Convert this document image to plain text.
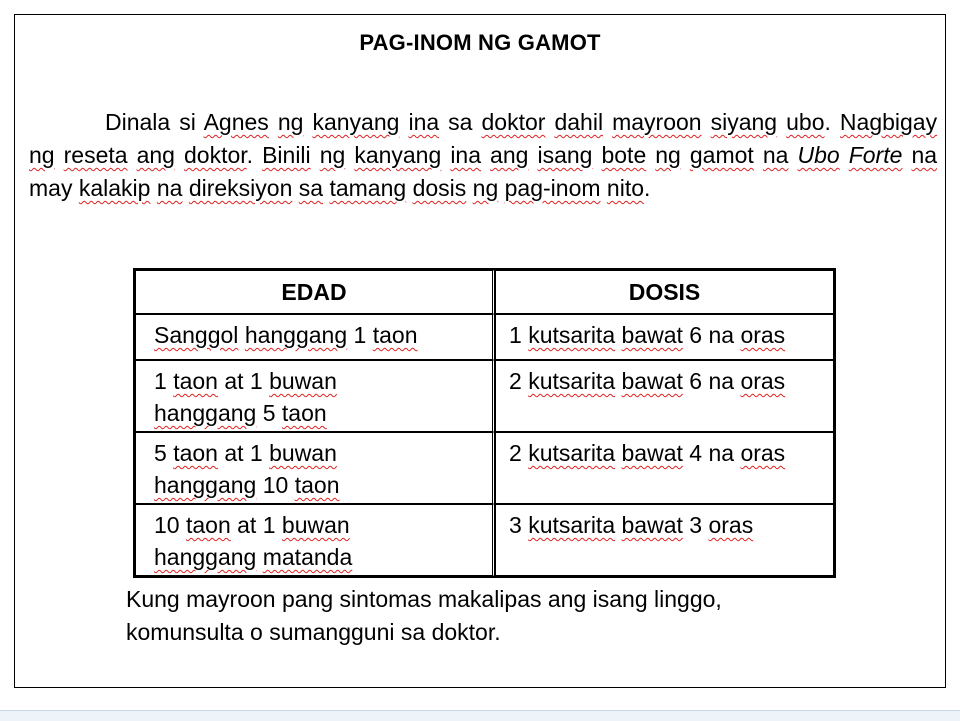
PAG-INOM NG GAMOT
Dinala si Agnes ng kanyang ina sa doktor dahil mayroon siyang ubo. Nagbigay ng reseta ang doktor. Binili ng kanyang ina ang isang bote ng gamot na Ubo Forte na may kalakip na direksiyon sa tamang dosis ng pag-inom nito.
EDAD	DOSIS
Sanggol hanggang 1 taon	1 kutsarita bawat 6 na oras
1 taon at 1 buwan
hanggang 5 taon	2 kutsarita bawat 6 na oras
5 taon at 1 buwan
hanggang 10 taon	2 kutsarita bawat 4 na oras
10 taon at 1 buwan
hanggang matanda	3 kutsarita bawat 3 oras
Kung mayroon pang sintomas makalipas ang isang linggo,
komunsulta o sumangguni sa doktor.
